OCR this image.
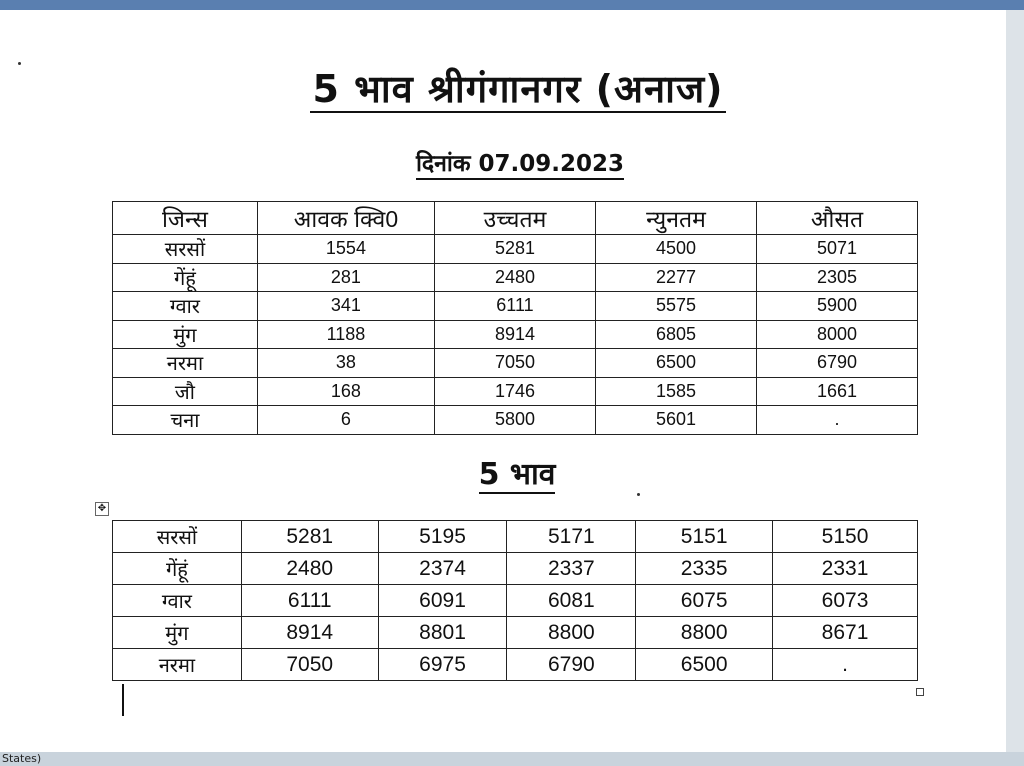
5 भाव श्रीगंगानगर (अनाज)
दिनांक 07.09.2023
जिन्स	आवक क्वि0	उच्चतम	न्युनतम	औसत
सरसों	1554	5281	4500	5071
गेंहूं	281	2480	2277	2305
ग्वार	341	6111	5575	5900
मुंग	1188	8914	6805	8000
नरमा	38	7050	6500	6790
जौ	168	1746	1585	1661
चना	6	5800	5601	.
5 भाव
✥
सरसों	5281	5195	5171	5151	5150
गेंहूं	2480	2374	2337	2335	2331
ग्वार	6111	6091	6081	6075	6073
मुंग	8914	8801	8800	8800	8671
नरमा	7050	6975	6790	6500	.
States)
